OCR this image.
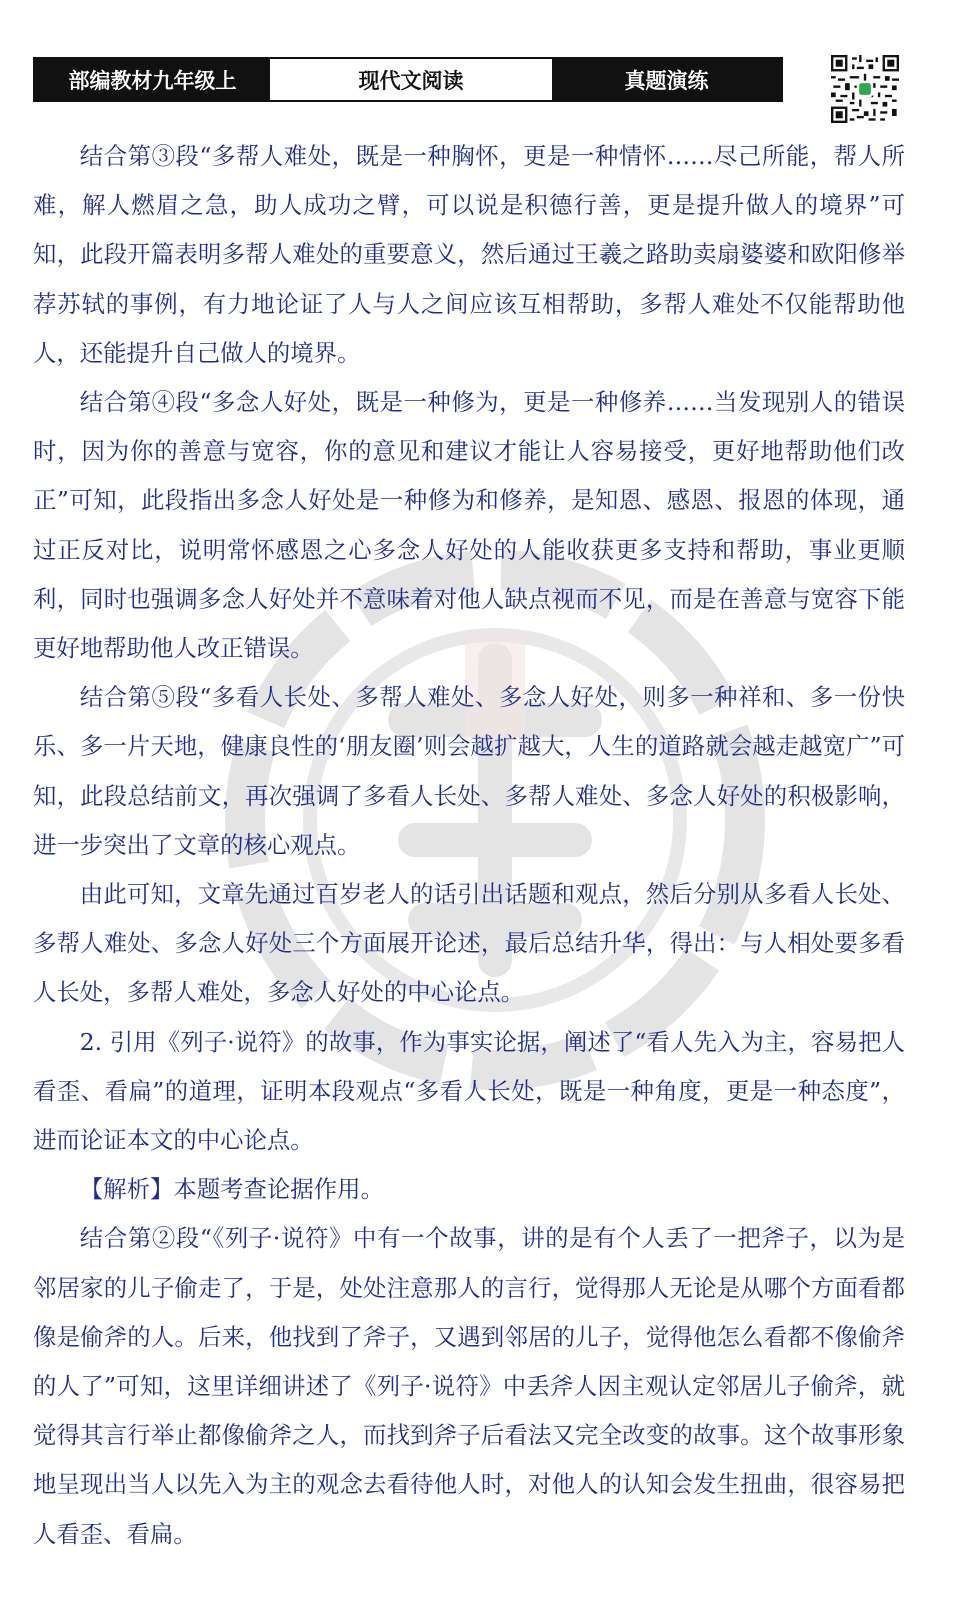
部编教材九年级上	现代文阅读	真题演练

结合第③段“多帮人难处，既是一种胸怀，更是一种情怀……尽己所能，帮人所难，解人燃眉之急，助人成功之臂，可以说是积德行善，更是提升做人的境界”可知，此段开篇表明多帮人难处的重要意义，然后通过王羲之路助卖扇婆婆和欧阳修举荐苏轼的事例，有力地论证了人与人之间应该互相帮助，多帮人难处不仅能帮助他人，还能提升自己做人的境界。

结合第④段“多念人好处，既是一种修为，更是一种修养……当发现别人的错误时，因为你的善意与宽容，你的意见和建议才能让人容易接受，更好地帮助他们改正”可知，此段指出多念人好处是一种修为和修养，是知恩、感恩、报恩的体现，通过正反对比，说明常怀感恩之心多念人好处的人能收获更多支持和帮助，事业更顺利，同时也强调多念人好处并不意味着对他人缺点视而不见，而是在善意与宽容下能更好地帮助他人改正错误。

结合第⑤段“多看人长处、多帮人难处、多念人好处，则多一种祥和、多一份快乐、多一片天地，健康良性的‘朋友圈’则会越扩越大，人生的道路就会越走越宽广”可知，此段总结前文，再次强调了多看人长处、多帮人难处、多念人好处的积极影响，进一步突出了文章的核心观点。

由此可知，文章先通过百岁老人的话引出话题和观点，然后分别从多看人长处、多帮人难处、多念人好处三个方面展开论述，最后总结升华，得出：与人相处要多看人长处，多帮人难处，多念人好处的中心论点。

2. 引用《列子·说符》的故事，作为事实论据，阐述了“看人先入为主，容易把人看歪、看扁”的道理，证明本段观点“多看人长处，既是一种角度，更是一种态度”，进而论证本文的中心论点。

【解析】本题考查论据作用。

结合第②段“《列子·说符》中有一个故事，讲的是有个人丢了一把斧子，以为是邻居家的儿子偷走了，于是，处处注意那人的言行，觉得那人无论是从哪个方面看都像是偷斧的人。后来，他找到了斧子，又遇到邻居的儿子，觉得他怎么看都不像偷斧的人了”可知，这里详细讲述了《列子·说符》中丢斧人因主观认定邻居儿子偷斧，就觉得其言行举止都像偷斧之人，而找到斧子后看法又完全改变的故事。这个故事形象地呈现出当人以先入为主的观念去看待他人时，对他人的认知会发生扭曲，很容易把人看歪、看扁。
